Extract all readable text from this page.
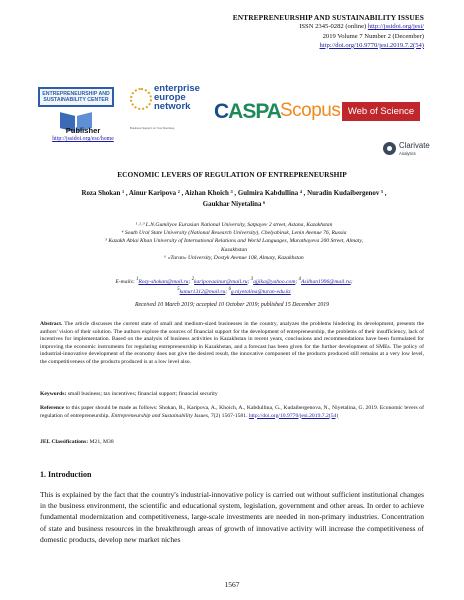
ENTREPRENEURSHIP AND SUSTAINABILITY ISSUES
ISSN 2345-0282 (online) http://jssidoi.org/jesi/
2019 Volume 7 Number 2 (December)
http://doi.org/10.9770/jesi.2019.7.2(54)
ENTREPRENEURSHIP AND SUSTAINABILITY CENTER
enterprise
europe
network
Business Support on Your Doorstep
CASPA Scopus Web of Science
Clarivate
Analytics
Publisher
http://jssidoi.org/esc/home
ECONOMIC LEVERS OF REGULATION OF ENTREPRENEURSHIP
Roza Shokan ¹ , Ainur Karipova ² , Aizhan Khoich ³ , Gulmira Kabdullina ⁴ , Nuradin Kudaibergenov ⁵ ,
Gaukhar Niyetalina ⁶
¹˒²˒³ L.N.Gumilyov Eurasian National University, Satpayev 2 street, Astana, Kazakhstan
⁴ South Ural State University (National Research University), Chelyabinsk, Lenin Avenue 76, Russia
⁵ Kazakh Ablai Khan University of International Relations and World Languages, Muratbayeva 200 Street, Almaty,
Kazakhstan
⁶ «Turan» University, Dostyk Avenue 108, Almaty, Kazakhstan
E-mails: $^1$Rozy-shokan@mail.ru; $^2$karipovaainur@mail.ru; $^3$ajjika@yahoo.com; $^4$Asilhan1996@mail.ru;
$^5$kanur1312@mail.ru; $^6$g.niyetalina@turan-edu.kz
Received 10 March 2019; accepted 10 October 2019; published 15 December 2019
Abstract. The article discusses the current state of small and medium-sized businesses in the country, analyzes the problems hindering its development, presents the authors' vision of their solution. The authors explore the sources of financial support for the development of entrepreneurship, the problems of their insufficiency, lack of incentives for implementation. Based on the analysis of business activities in Kazakhstan in recent years, conclusions and recommendations have been formulated for improving the economic instruments for regulating entrepreneurship in Kazakhstan, and a forecast has been given for the further development of SMEs. The policy of industrial-innovative development of the economy does not give the desired result, the innovative component of the products produced still remains at a very low level, the competitiveness of the products produced is at a low level also.
Keywords: small business; tax incentives; financial support; financial security
Reference to this paper should be made as follows: Shokan, R., Karipova, A., Khoich, A., Kabdullina, G., Kudaibergenova, N., Niyetalina, G. 2019. Economic levers of regulation of entrepreneurship. Entrepreneurship and Sustainability Issues, 7(2) 1567-1581. http://doi.org/10.9770/jesi.2019.7.2(54)
JEL Classifications: M21, M38
1. Introduction
This is explained by the fact that the country's industrial-innovative policy is carried out without sufficient institutional changes in the business environment, the scientific and educational system, legislation, government and other areas. In order to achieve fundamental modernization and competitiveness, large-scale investments are needed in non-primary industries. Concentration of state and business resources in the breakthrough areas of growth of innovative activity will increase the competitiveness of domestic products, develop new market niches
1567
